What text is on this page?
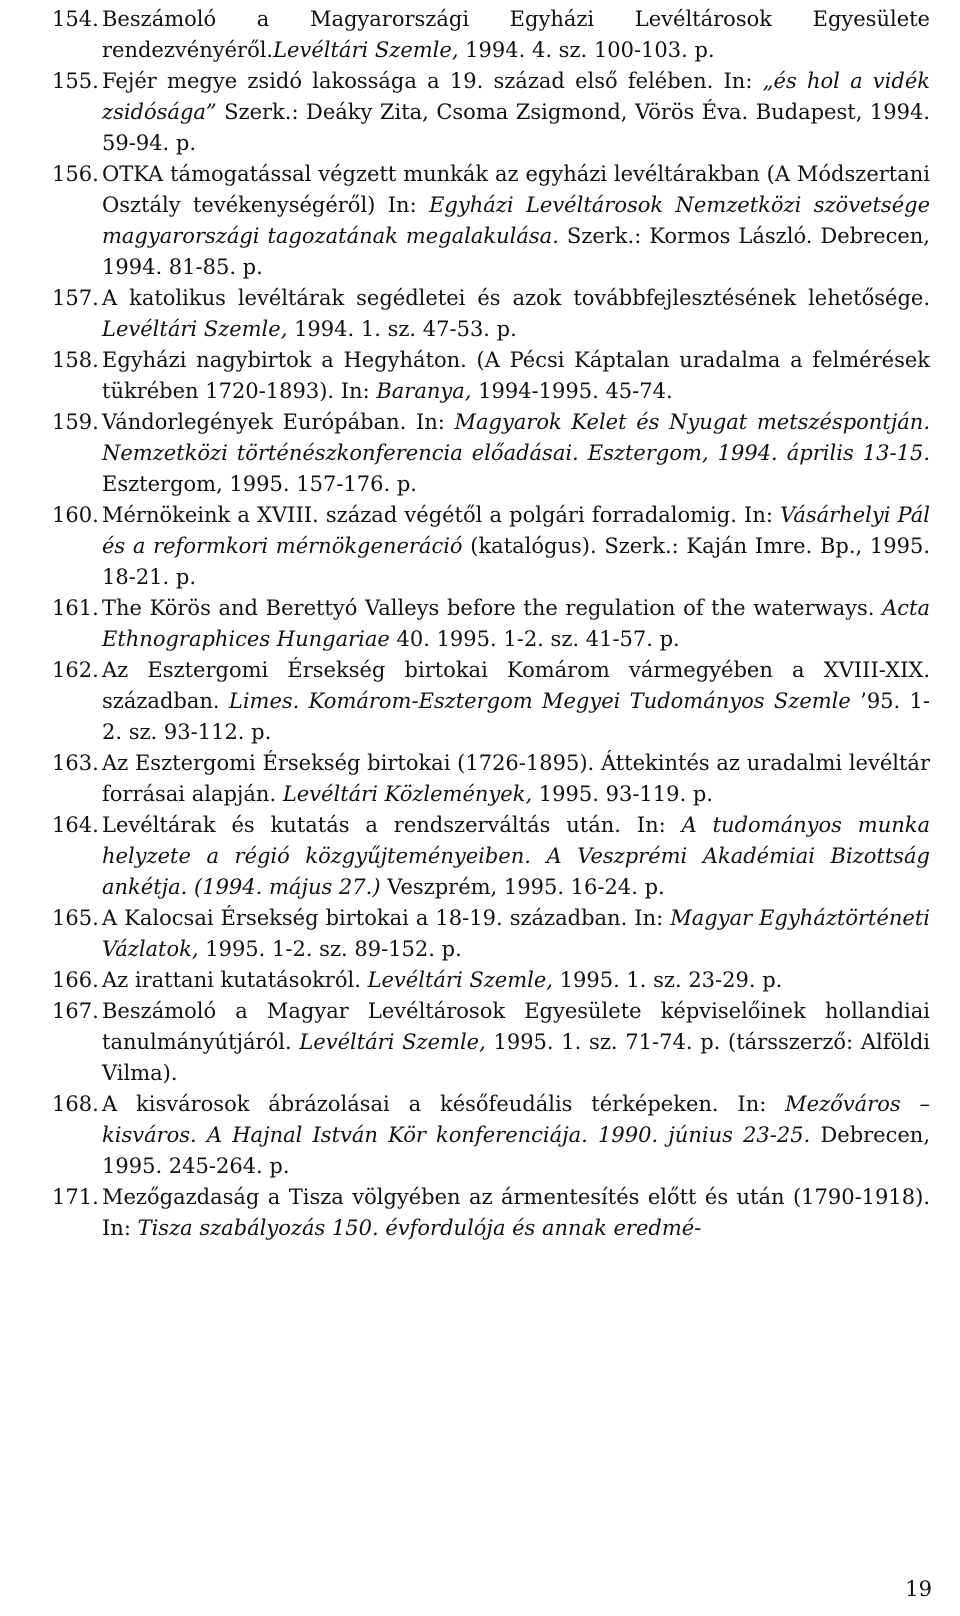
154. Beszámoló a Magyarországi Egyházi Levéltárosok Egyesülete rendezvényéről.Levéltári Szemle, 1994. 4. sz. 100-103. p.
155. Fejér megye zsidó lakossága a 19. század első felében. In: „és hol a vidék zsidósága” Szerk.: Deáky Zita, Csoma Zsigmond, Vörös Éva. Budapest, 1994. 59-94. p.
156. OTKA támogatással végzett munkák az egyházi levéltárakban (A Módszertani Osztály tevékenységéről) In: Egyházi Levéltárosok Nemzetközi szövetsége magyarországi tagozatának megalakulása. Szerk.: Kormos László. Debrecen, 1994. 81-85. p.
157. A katolikus levéltárak segédletei és azok továbbfejlesztésének lehetősége. Levéltári Szemle, 1994. 1. sz. 47-53. p.
158. Egyházi nagybirtok a Hegyháton. (A Pécsi Káptalan uradalma a felmérések tükrében 1720-1893). In: Baranya, 1994-1995. 45-74.
159. Vándorlegények Európában. In: Magyarok Kelet és Nyugat metszéspontján. Nemzetközi történészkonferencia előadásai. Esztergom, 1994. április 13-15. Esztergom, 1995. 157-176. p.
160. Mérnökeink a XVIII. század végétől a polgári forradalomig. In: Vásárhelyi Pál és a reformkori mérnökgeneráció (katalógus). Szerk.: Kaján Imre. Bp., 1995. 18-21. p.
161. The Körös and Berettyó Valleys before the regulation of the waterways. Acta Ethnographices Hungariae 40. 1995. 1-2. sz. 41-57. p.
162. Az Esztergomi Érsekség birtokai Komárom vármegyében a XVIII-XIX. században. Limes. Komárom-Esztergom Megyei Tudományos Szemle ’95. 1-2. sz. 93-112. p.
163. Az Esztergomi Érsekség birtokai (1726-1895). Áttekintés az uradalmi levéltár forrásai alapján. Levéltári Közlemények, 1995. 93-119. p.
164. Levéltárak és kutatás a rendszerváltás után. In: A tudományos munka helyzete a régió közgyűjteményeiben. A Veszprémi Akadémiai Bizottság ankétja. (1994. május 27.) Veszprém, 1995. 16-24. p.
165. A Kalocsai Érsekség birtokai a 18-19. században. In: Magyar Egyháztörténeti Vázlatok, 1995. 1-2. sz. 89-152. p.
166. Az irattani kutatásokról. Levéltári Szemle, 1995. 1. sz. 23-29. p.
167. Beszámoló a Magyar Levéltárosok Egyesülete képviselőinek hollandiai tanulmányútjáról. Levéltári Szemle, 1995. 1. sz. 71-74. p. (társszerző: Alföldi Vilma).
168. A kisvárosok ábrázolásai a későfeudális térképeken. In: Mezőváros – kisváros. A Hajnal István Kör konferenciája. 1990. június 23-25. Debrecen, 1995. 245-264. p.
171. Mezőgazdaság a Tisza völgyében az ármentesítés előtt és után (1790-1918). In: Tisza szabályozás 150. évfordulója és annak eredmé-
19
